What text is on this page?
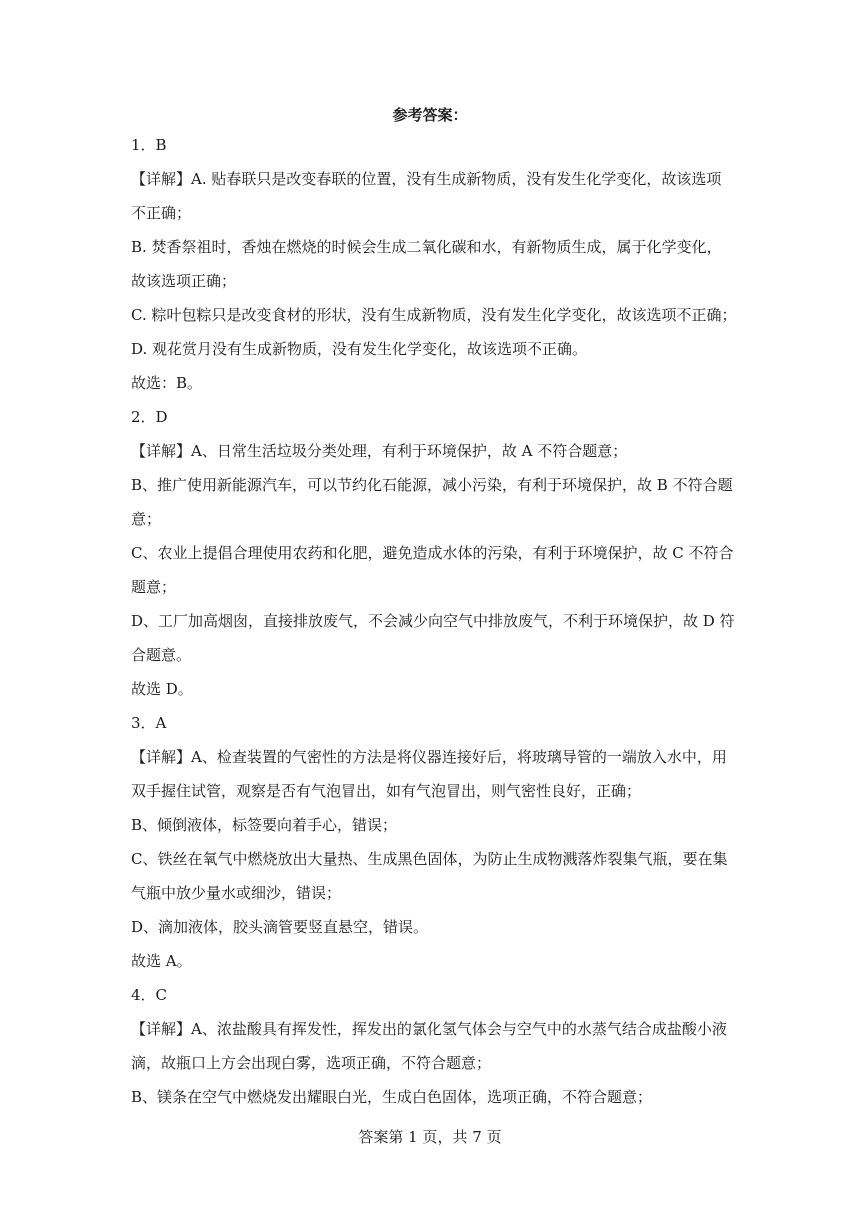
参考答案：
1．B
【详解】A. 贴春联只是改变春联的位置，没有生成新物质，没有发生化学变化，故该选项
不正确；
B. 焚香祭祖时，香烛在燃烧的时候会生成二氧化碳和水，有新物质生成，属于化学变化，
故该选项正确；
C. 粽叶包粽只是改变食材的形状，没有生成新物质，没有发生化学变化，故该选项不正确；
D. 观花赏月没有生成新物质，没有发生化学变化，故该选项不正确。
故选：B。
2．D
【详解】A、日常生活垃圾分类处理，有利于环境保护，故 A 不符合题意；
B、推广使用新能源汽车，可以节约化石能源，减小污染，有利于环境保护，故 B 不符合题
意；
C、农业上提倡合理使用农药和化肥，避免造成水体的污染，有利于环境保护，故 C 不符合
题意；
D、工厂加高烟囱，直接排放废气，不会减少向空气中排放废气，不利于环境保护，故 D 符
合题意。
故选 D。
3．A
【详解】A、检查装置的气密性的方法是将仪器连接好后，将玻璃导管的一端放入水中，用
双手握住试管，观察是否有气泡冒出，如有气泡冒出，则气密性良好，正确；
B、倾倒液体，标签要向着手心，错误；
C、铁丝在氧气中燃烧放出大量热、生成黑色固体，为防止生成物溅落炸裂集气瓶，要在集
气瓶中放少量水或细沙，错误；
D、滴加液体，胶头滴管要竖直悬空，错误。
故选 A。
4．C
【详解】A、浓盐酸具有挥发性，挥发出的氯化氢气体会与空气中的水蒸气结合成盐酸小液
滴，故瓶口上方会出现白雾，选项正确，不符合题意；
B、镁条在空气中燃烧发出耀眼白光，生成白色固体，选项正确，不符合题意；
答案第 1 页，共 7 页
